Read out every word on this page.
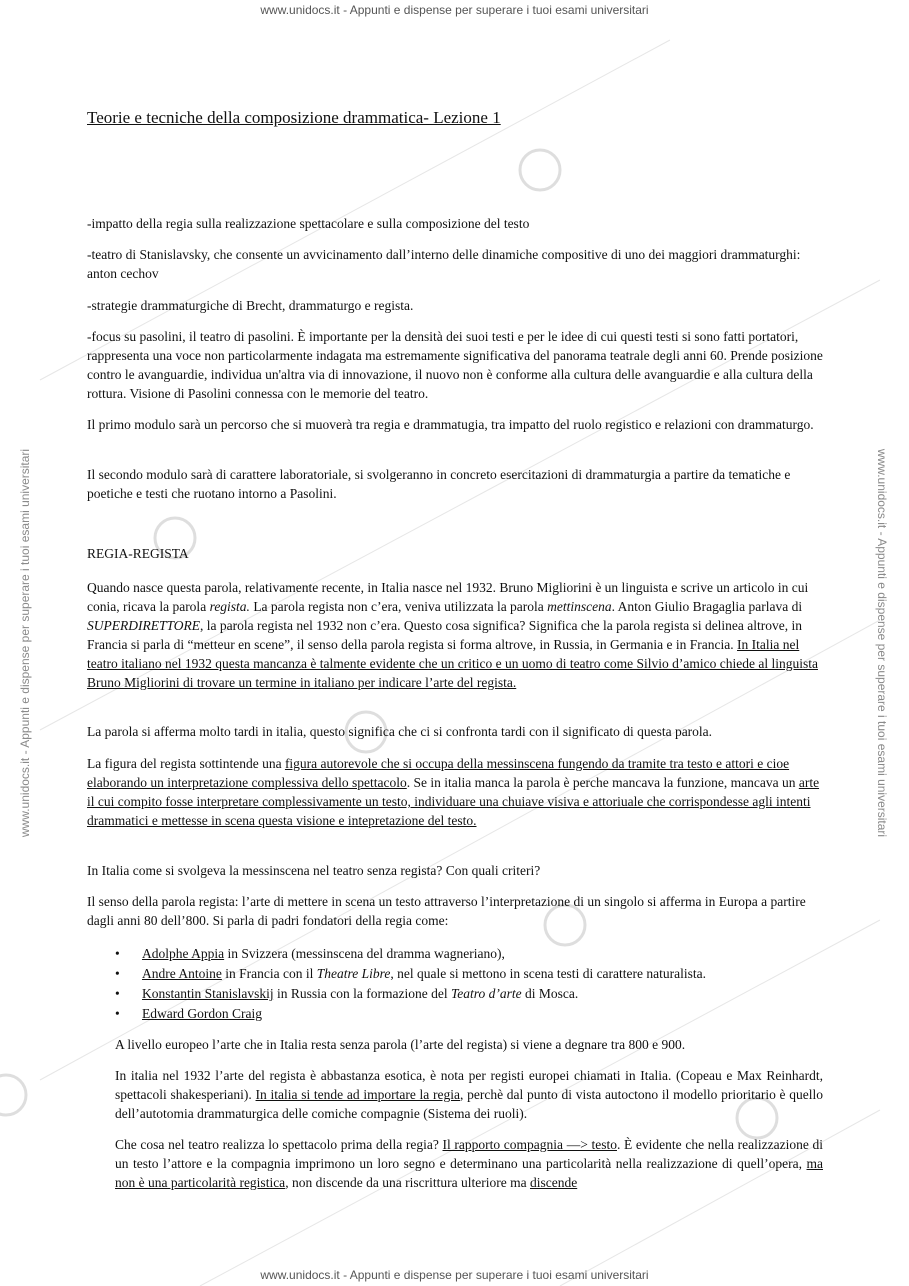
www.unidocs.it - Appunti e dispense per superare i tuoi esami universitari
www.unidocs.it - Appunti e dispense per superare i tuoi esami universitari
www.unidocs.it - Appunti e dispense per superare i tuoi esami universitari	www.unidocs.it - Appunti e dispense per superare i tuoi esami universitari
Teorie e tecniche della composizione drammatica- Lezione 1

-impatto della regia sulla realizzazione spettacolare e sulla composizione del testo

-teatro di Stanislavsky, che consente un avvicinamento dall’interno delle dinamiche compositive di uno dei maggiori drammaturghi: anton cechov

-strategie drammaturgiche di Brecht, drammaturgo e regista.

-focus su pasolini, il teatro di pasolini. È importante per la densità dei suoi testi e per le idee di cui questi testi si sono fatti portatori, rappresenta una voce non particolarmente indagata ma estremamente significativa del panorama teatrale degli anni 60. Prende posizione contro le avanguardie, individua un'altra via di innovazione, il nuovo non è conforme alla cultura delle avanguardie e alla cultura della rottura. Visione di Pasolini connessa con le memorie del teatro.

Il primo modulo sarà un percorso che si muoverà tra regia e drammatugia, tra impatto del ruolo registico e relazioni con drammaturgo.

Il secondo modulo sarà di carattere laboratoriale, si svolgeranno in concreto esercitazioni di drammaturgia a partire da tematiche e poetiche e testi che ruotano intorno a Pasolini.

REGIA-REGISTA

Quando nasce questa parola, relativamente recente, in Italia nasce nel 1932. Bruno Migliorini è un linguista e scrive un articolo in cui conia, ricava la parola regista. La parola regista non c’era, veniva utilizzata la parola mettinscena. Anton Giulio Bragaglia parlava di SUPERDIRETTORE, la parola regista nel 1932 non c’era. Questo cosa significa? Significa che la parola regista si delinea altrove, in Francia si parla di “metteur en scene”, il senso della parola regista si forma altrove, in Russia, in Germania e in Francia. In Italia nel teatro italiano nel 1932 questa mancanza è talmente evidente che un critico e un uomo di teatro come Silvio d’amico chiede al linguista Bruno Migliorini di trovare un termine in italiano per indicare l’arte del regista.

La parola si afferma molto tardi in italia, questo significa che ci si confronta tardi con il significato di questa parola.

La figura del regista sottintende una figura autorevole che si occupa della messinscena fungendo da tramite tra testo e attori e cioe elaborando un interpretazione complessiva dello spettacolo. Se in italia manca la parola è perche mancava la funzione, mancava un arte il cui compito fosse interpretare complessivamente un testo, individuare una chuiave visiva e attoriuale che corrispondesse agli intenti drammatici e mettesse in scena questa visione e intepretazione del testo.

In Italia come si svolgeva la messinscena nel teatro senza regista? Con quali criteri?

Il senso della parola regista: l’arte di mettere in scena un testo attraverso l’interpretazione di un singolo si afferma in Europa a partire dagli anni 80 dell’800. Si parla di padri fondatori della regia come:

• Adolphe Appia in Svizzera (messinscena del dramma wagneriano),
• Andre Antoine in Francia con il Theatre Libre, nel quale si mettono in scena testi di carattere naturalista.
• Konstantin Stanislavskij in Russia con la formazione del Teatro d’arte di Mosca.
• Edward Gordon Craig

A livello europeo l’arte che in Italia resta senza parola (l’arte del regista) si viene a degnare tra 800 e 900.

In italia nel 1932 l’arte del regista è abbastanza esotica, è nota per registi europei chiamati in Italia. (Copeau e Max Reinhardt, spettacoli shakesperiani). In italia si tende ad importare la regia, perchè dal punto di vista autoctono il modello prioritario è quello dell’autotomia drammaturgica delle comiche compagnie (Sistema dei ruoli).

Che cosa nel teatro realizza lo spettacolo prima della regia? Il rapporto compagnia —> testo. È evidente che nella realizzazione di un testo l’attore e la compagnia imprimono un loro segno e determinano una particolarità nella realizzazione di quell’opera, ma non è una particolarità registica, non discende da una riscrittura ulteriore ma discende
